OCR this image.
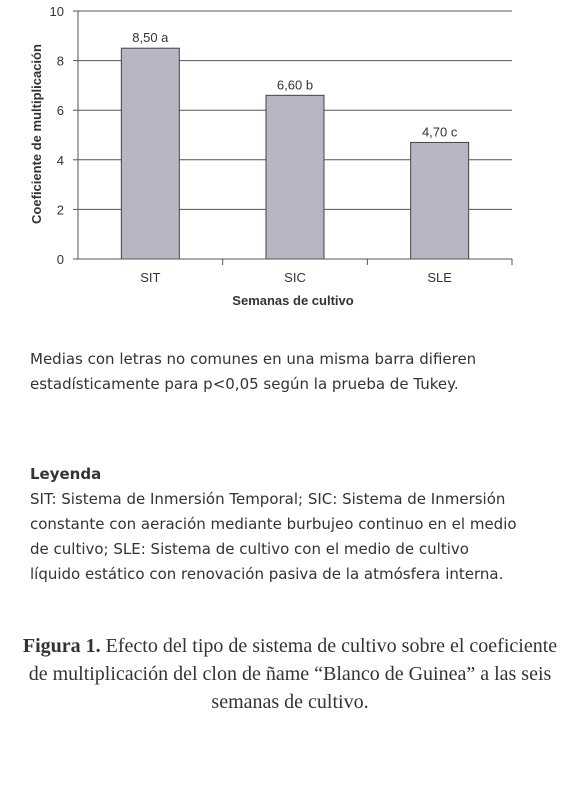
8,50 a
6,60 b
4,70 c
0
2
4
6
8
10
SIT	SIC	SLE
Coeficiente de multiplicación
Semanas de cultivo
Medias con letras no comunes en una misma barra difieren estadísticamente para p<0,05 según la prueba de Tukey.
Leyenda
SIT: Sistema de Inmersión Temporal; SIC: Sistema de Inmersión constante con aeración mediante burbujeo continuo en el medio de cultivo; SLE: Sistema de cultivo con el medio de cultivo líquido estático con renovación pasiva de la atmósfera interna.
Figura 1. Efecto del tipo de sistema de cultivo sobre el coeficiente de multiplicación del clon de ñame “Blanco de Guinea” a las seis semanas de cultivo.
